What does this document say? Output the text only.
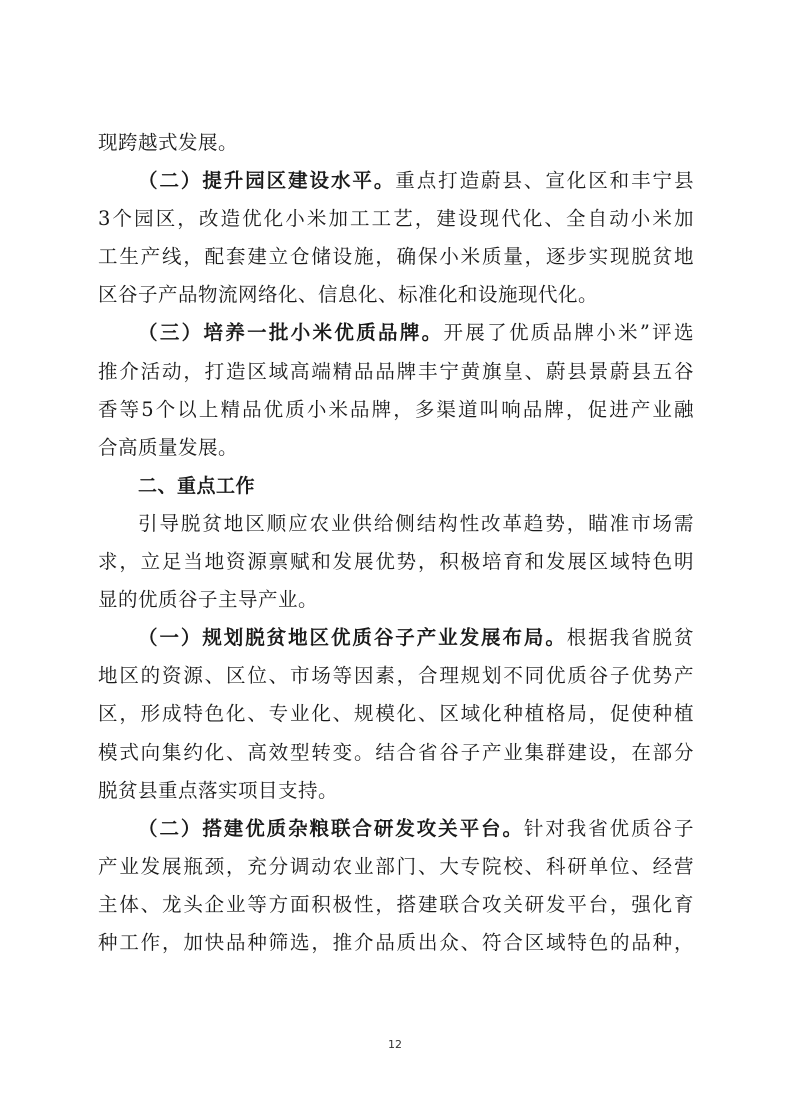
现跨越式发展。
（二）提升园区建设水平。重点打造蔚县、宣化区和丰宁县
3个园区，改造优化小米加工工艺，建设现代化、全自动小米加
工生产线，配套建立仓储设施，确保小米质量，逐步实现脱贫地
区谷子产品物流网络化、信息化、标准化和设施现代化。
（三）培养一批小米优质品牌。开展了优质品牌小米”评选
推介活动，打造区域高端精品品牌丰宁黄旗皇、蔚县景蔚县五谷
香等5个以上精品优质小米品牌，多渠道叫响品牌，促进产业融
合高质量发展。
二、重点工作
引导脱贫地区顺应农业供给侧结构性改革趋势，瞄准市场需
求，立足当地资源禀赋和发展优势，积极培育和发展区域特色明
显的优质谷子主导产业。
（一）规划脱贫地区优质谷子产业发展布局。根据我省脱贫
地区的资源、区位、市场等因素，合理规划不同优质谷子优势产
区，形成特色化、专业化、规模化、区域化种植格局，促使种植
模式向集约化、高效型转变。结合省谷子产业集群建设，在部分
脱贫县重点落实项目支持。
（二）搭建优质杂粮联合研发攻关平台。针对我省优质谷子
产业发展瓶颈，充分调动农业部门、大专院校、科研单位、经营
主体、龙头企业等方面积极性，搭建联合攻关研发平台，强化育
种工作，加快品种筛选，推介品质出众、符合区域特色的品种，
12
